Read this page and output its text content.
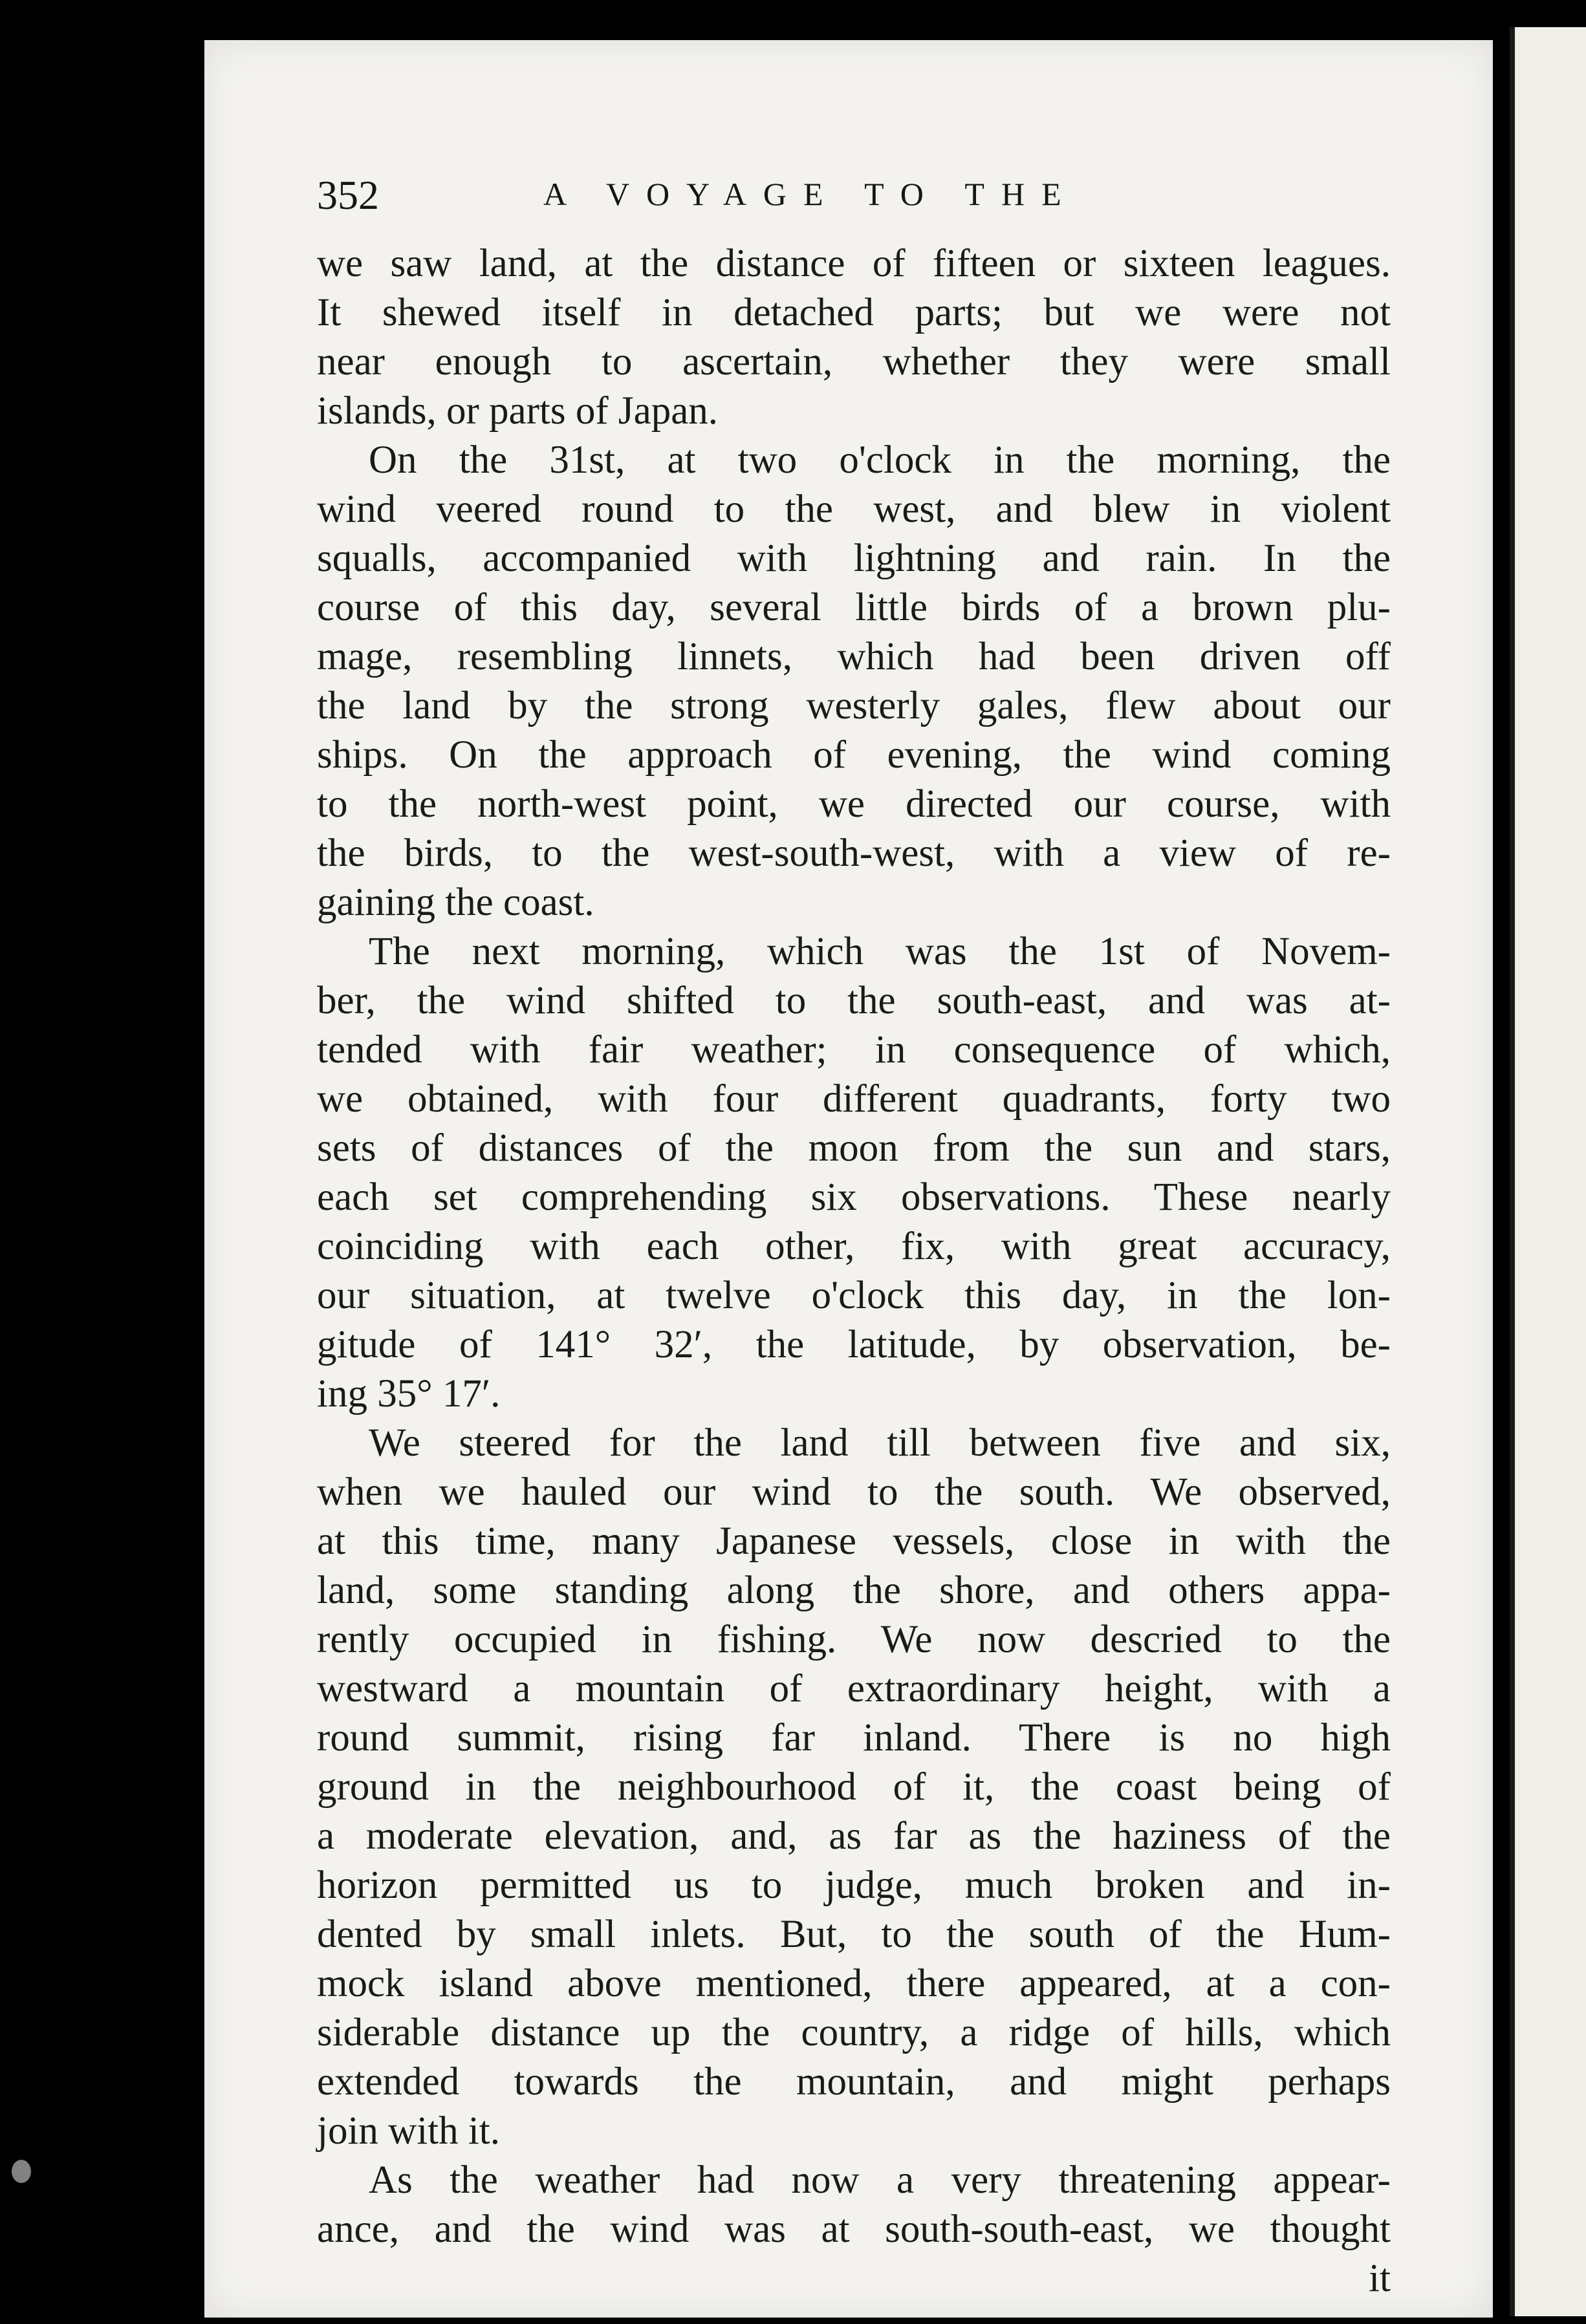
352	A VOYAGE TO THE
we saw land, at the distance of fifteen or sixteen leagues.
It shewed itself in detached parts; but we were not
near enough to ascertain, whether they were small
islands, or parts of Japan.
On the 31st, at two o'clock in the morning, the
wind veered round to the west, and blew in violent
squalls, accompanied with lightning and rain. In the
course of this day, several little birds of a brown plu-
mage, resembling linnets, which had been driven off
the land by the strong westerly gales, flew about our
ships. On the approach of evening, the wind coming
to the north-west point, we directed our course, with
the birds, to the west-south-west, with a view of re-
gaining the coast.
The next morning, which was the 1st of Novem-
ber, the wind shifted to the south-east, and was at-
tended with fair weather; in consequence of which,
we obtained, with four different quadrants, forty two
sets of distances of the moon from the sun and stars,
each set comprehending six observations. These nearly
coinciding with each other, fix, with great accuracy,
our situation, at twelve o'clock this day, in the lon-
gitude of 141° 32′, the latitude, by observation, be-
ing 35° 17′.
We steered for the land till between five and six,
when we hauled our wind to the south. We observed,
at this time, many Japanese vessels, close in with the
land, some standing along the shore, and others appa-
rently occupied in fishing. We now descried to the
westward a mountain of extraordinary height, with a
round summit, rising far inland. There is no high
ground in the neighbourhood of it, the coast being of
a moderate elevation, and, as far as the haziness of the
horizon permitted us to judge, much broken and in-
dented by small inlets. But, to the south of the Hum-
mock island above mentioned, there appeared, at a con-
siderable distance up the country, a ridge of hills, which
extended towards the mountain, and might perhaps
join with it.
As the weather had now a very threatening appear-
ance, and the wind was at south-south-east, we thought
it
